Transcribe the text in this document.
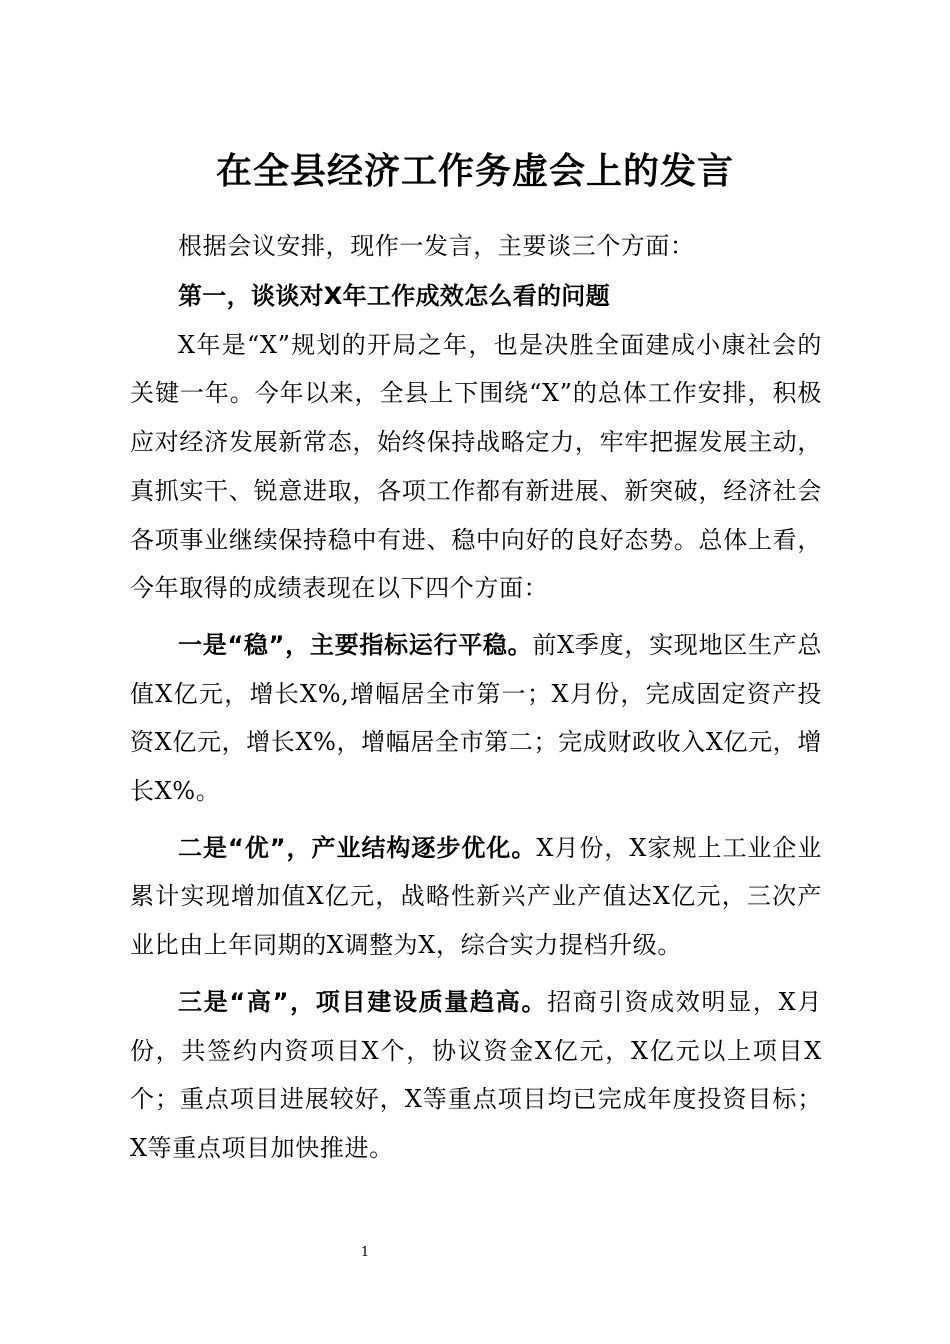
在全县经济工作务虚会上的发言

根据会议安排，现作一发言，主要谈三个方面：

第一，谈谈对X年工作成效怎么看的问题

X年是“X”规划的开局之年，也是决胜全面建成小康社会的关键一年。今年以来，全县上下围绕“X”的总体工作安排，积极应对经济发展新常态，始终保持战略定力，牢牢把握发展主动，真抓实干、锐意进取，各项工作都有新进展、新突破，经济社会各项事业继续保持稳中有进、稳中向好的良好态势。总体上看，今年取得的成绩表现在以下四个方面：

一是“稳”，主要指标运行平稳。前X季度，实现地区生产总值X亿元，增长X%,增幅居全市第一；X月份，完成固定资产投资X亿元，增长X%，增幅居全市第二；完成财政收入X亿元，增长X%。

二是“优”，产业结构逐步优化。X月份，X家规上工业企业累计实现增加值X亿元，战略性新兴产业产值达X亿元，三次产业比由上年同期的X调整为X，综合实力提档升级。

三是“高”，项目建设质量趋高。招商引资成效明显，X月份，共签约内资项目X个，协议资金X亿元，X亿元以上项目X个；重点项目进展较好，X等重点项目均已完成年度投资目标；X等重点项目加快推进。

1
